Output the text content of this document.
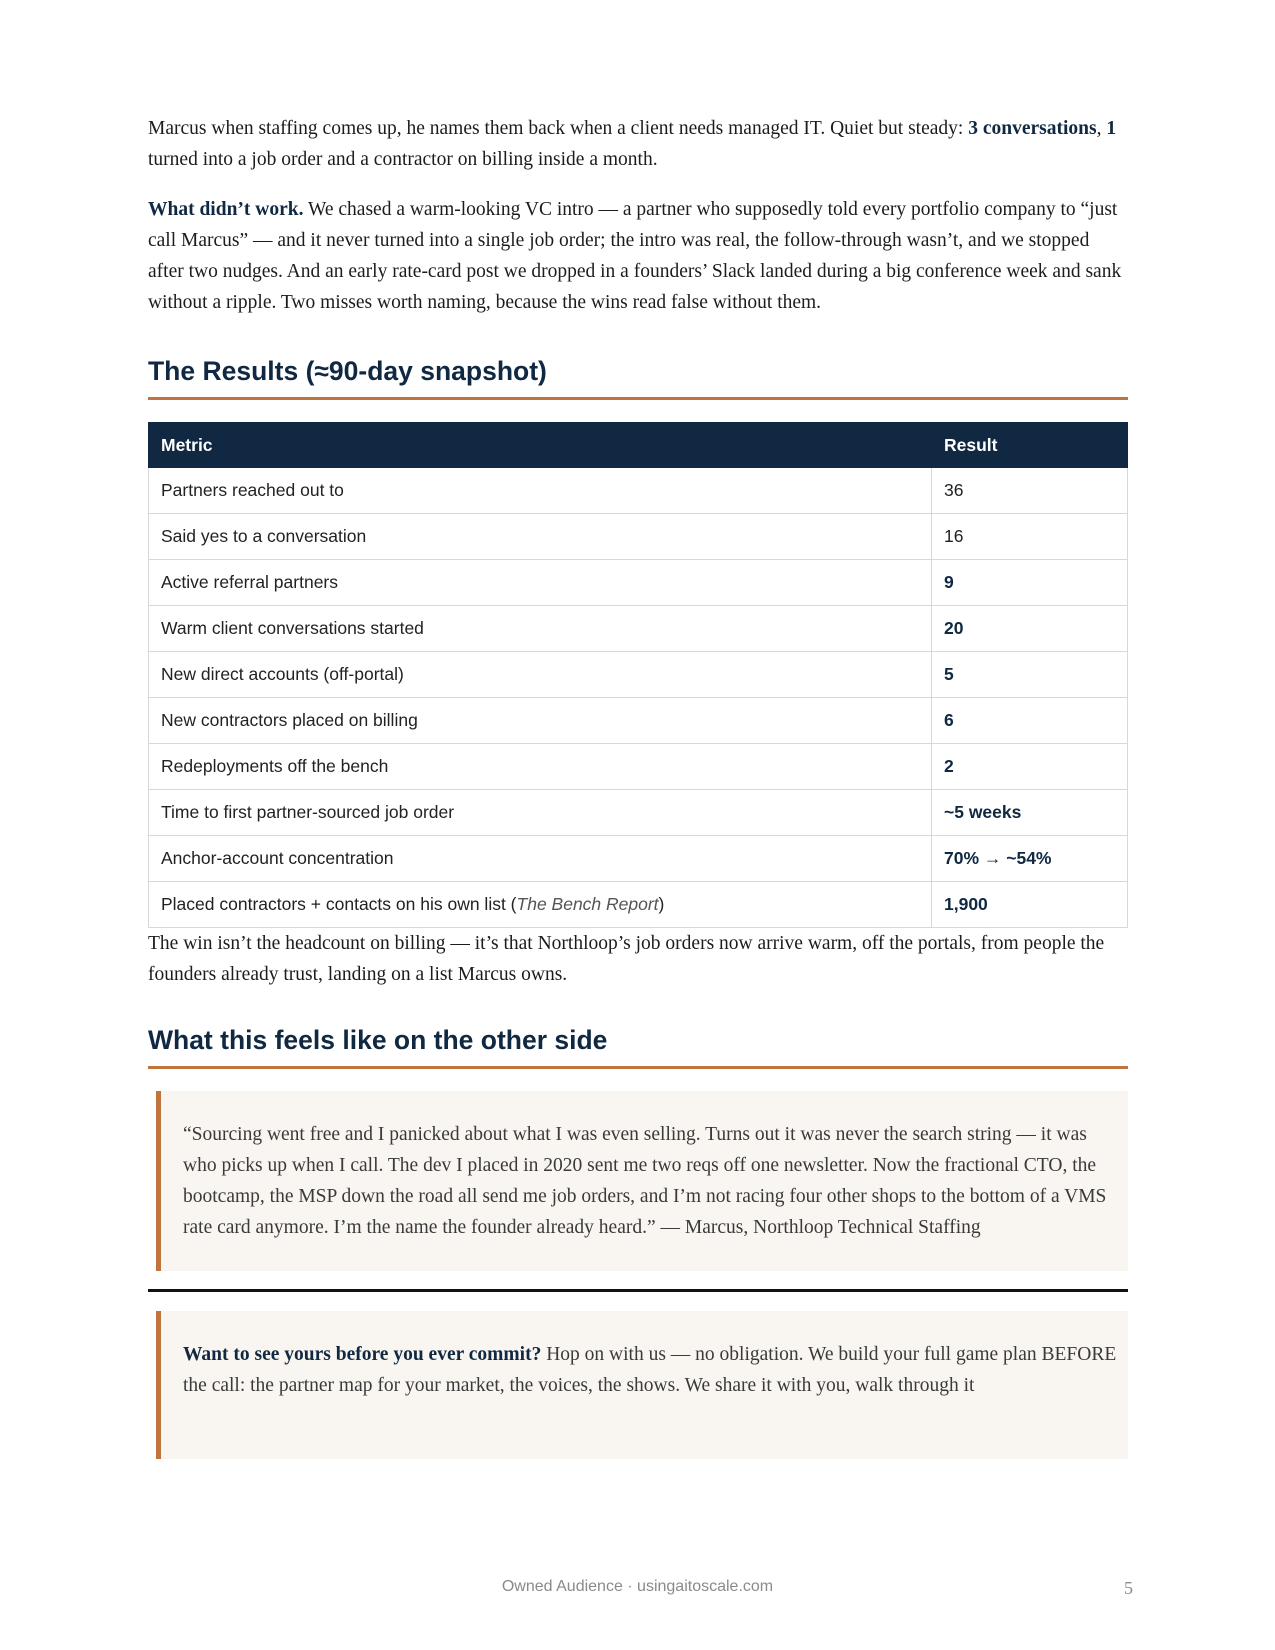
Marcus when staffing comes up, he names them back when a client needs managed IT. Quiet but steady: 3 conversations, 1 turned into a job order and a contractor on billing inside a month.

What didn’t work. We chased a warm-looking VC intro — a partner who supposedly told every portfolio company to “just call Marcus” — and it never turned into a single job order; the intro was real, the follow-through wasn’t, and we stopped after two nudges. And an early rate-card post we dropped in a founders’ Slack landed during a big conference week and sank without a ripple. Two misses worth naming, because the wins read false without them.

The Results (≈90-day snapshot)
Metric	Result
Partners reached out to	36
Said yes to a conversation	16
Active referral partners	9
Warm client conversations started	20
New direct accounts (off-portal)	5
New contractors placed on billing	6
Redeployments off the bench	2
Time to first partner-sourced job order	~5 weeks
Anchor-account concentration	70% → ~54%
Placed contractors + contacts on his own list (The Bench Report)	1,900

The win isn’t the headcount on billing — it’s that Northloop’s job orders now arrive warm, off the portals, from people the founders already trust, landing on a list Marcus owns.

What this feels like on the other side

“Sourcing went free and I panicked about what I was even selling. Turns out it was never the search string — it was who picks up when I call. The dev I placed in 2020 sent me two reqs off one newsletter. Now the fractional CTO, the bootcamp, the MSP down the road all send me job orders, and I’m not racing four other shops to the bottom of a VMS rate card anymore. I’m the name the founder already heard.” — Marcus, Northloop Technical Staffing

Want to see yours before you ever commit? Hop on with us — no obligation. We build your full game plan BEFORE the call: the partner map for your market, the voices, the shows. We share it with you, walk through it

Owned Audience · usingaitoscale.com	5
